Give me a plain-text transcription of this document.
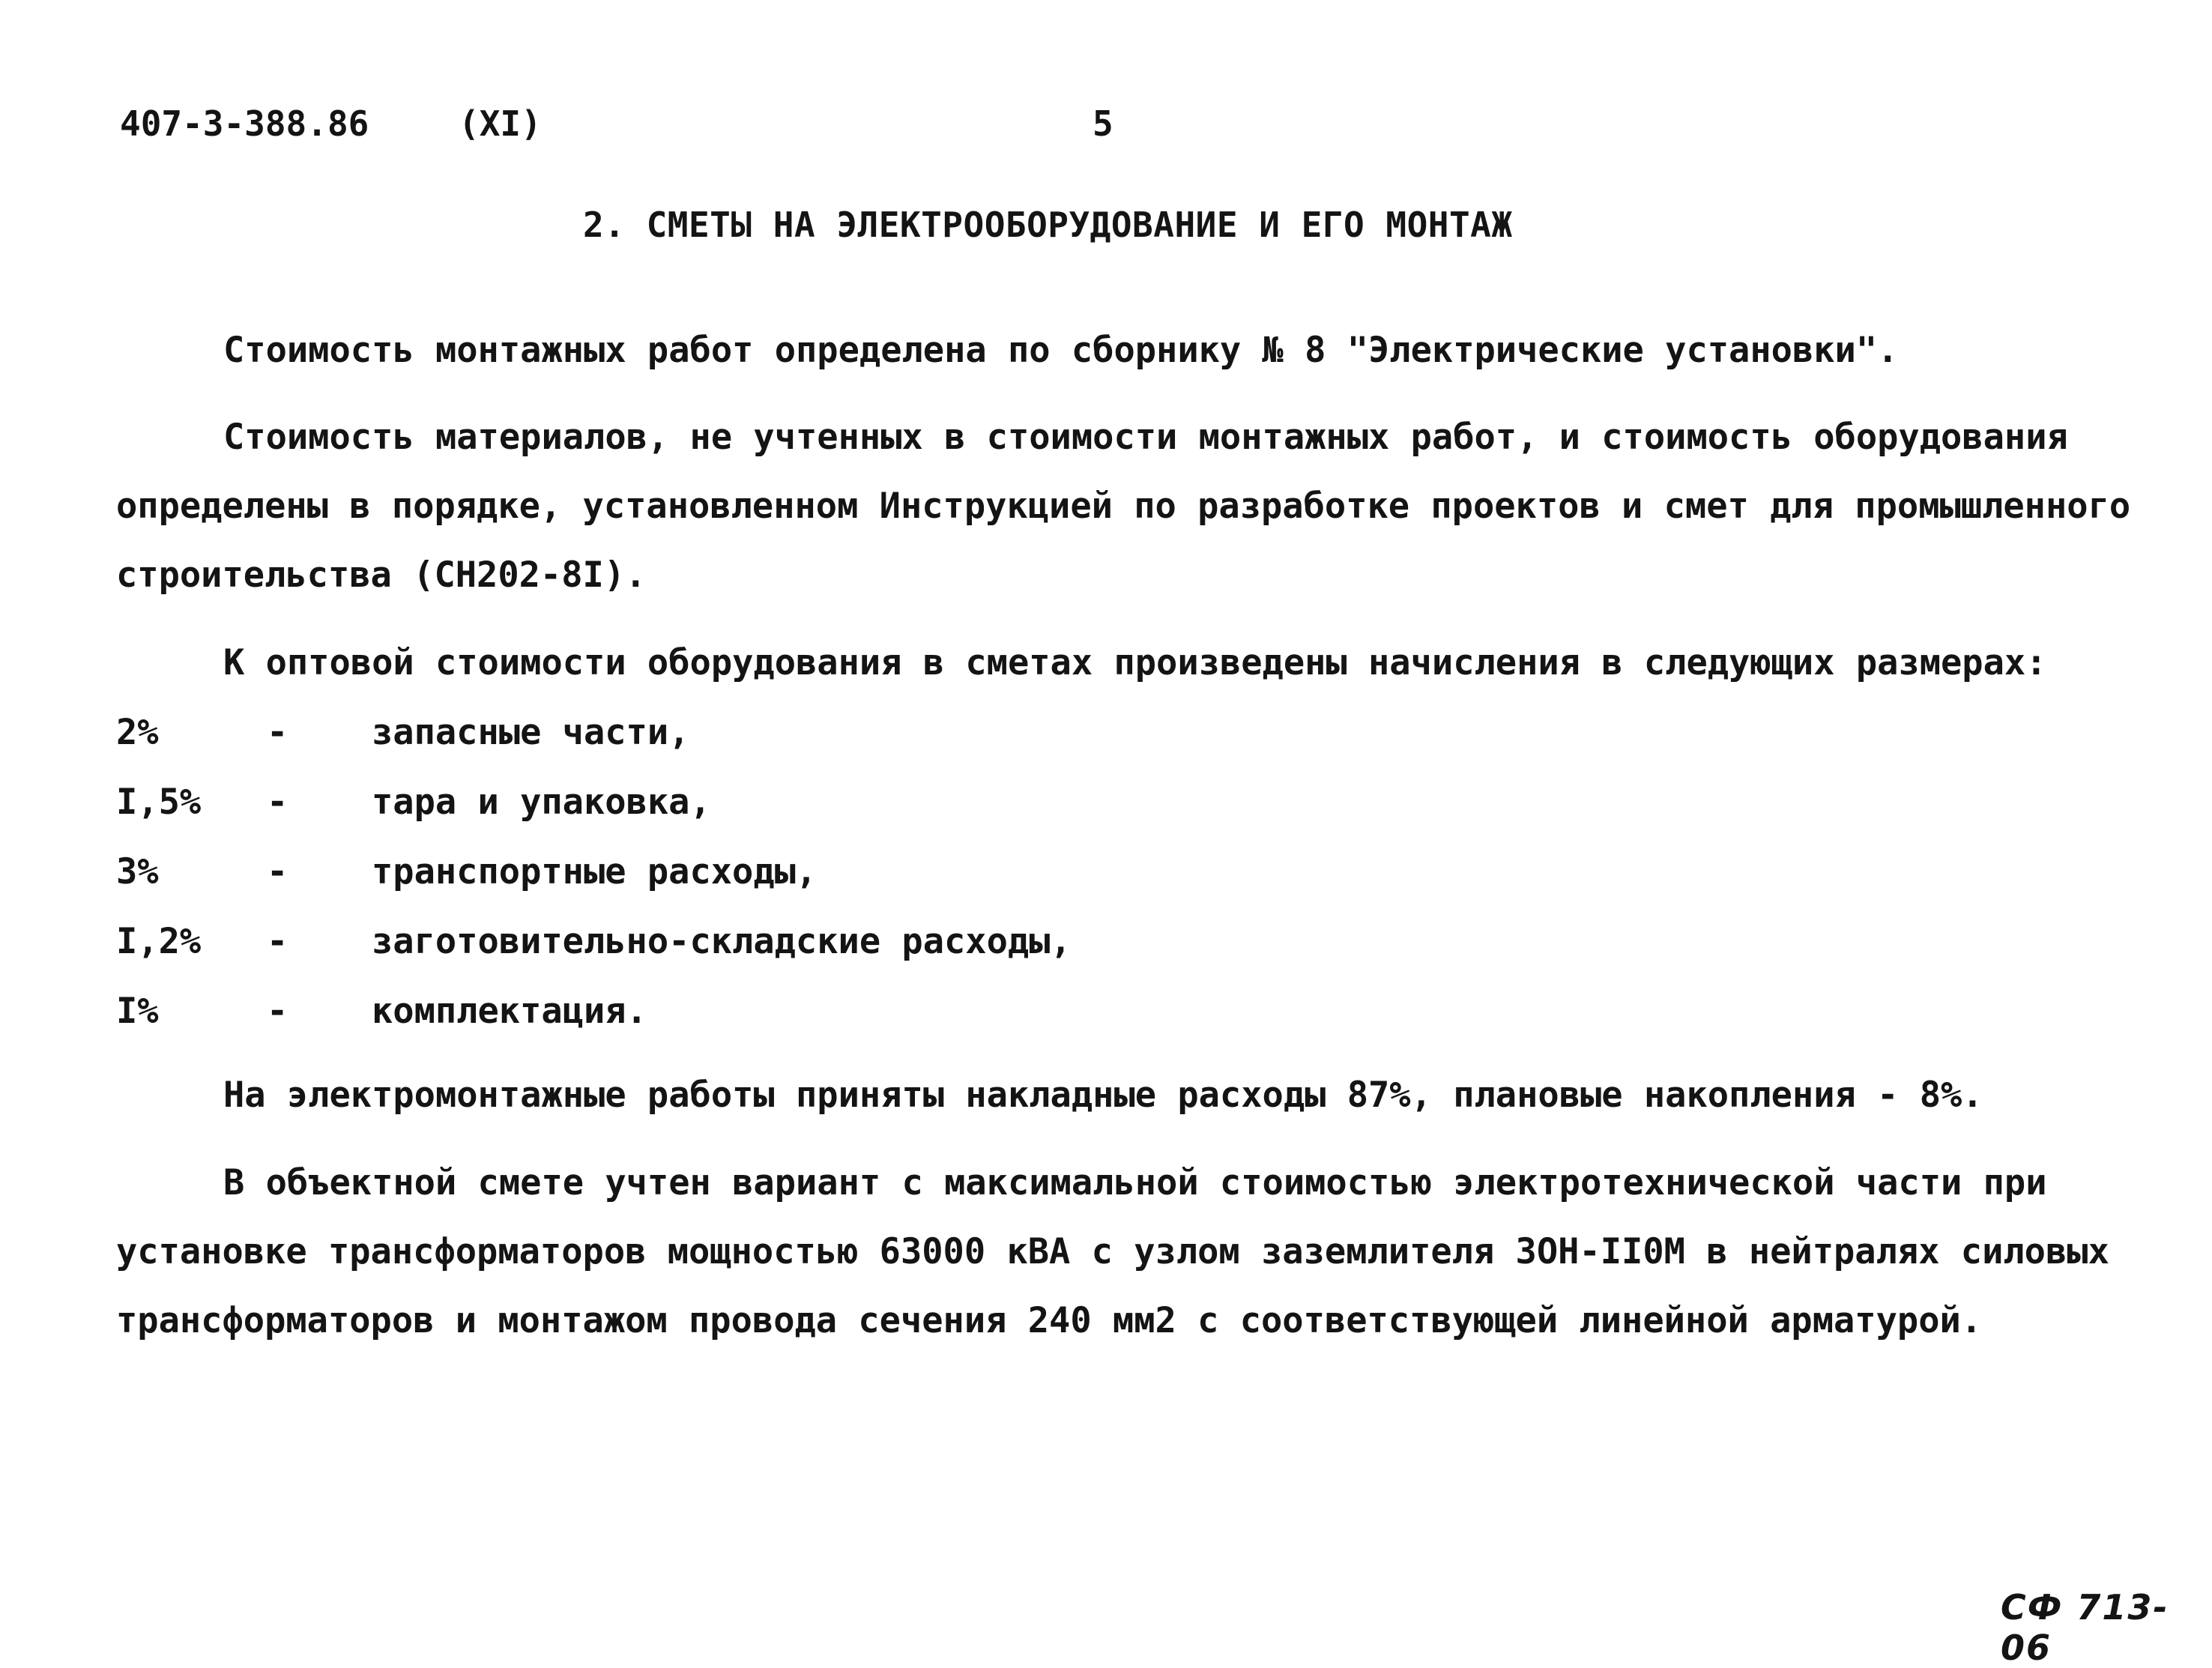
407-3-388.86	(XI)	5
2. СМЕТЫ НА ЭЛЕКТРООБОРУДОВАНИЕ И ЕГО МОНТАЖ
Стоимость монтажных работ определена по сборнику № 8 "Электрические установки".
Стоимость материалов, не учтенных в стоимости монтажных работ, и стоимость оборудования
определены в порядке, установленном Инструкцией по разработке проектов и смет для промышленного
строительства (СН202-8I).
К оптовой стоимости оборудования в сметах произведены начисления в следующих размерах:
2%	- запасные части,
I,5% - тара и упаковка,
3%	- транспортные расходы,
I,2% - заготовительно-складские расходы,
I%	- комплектация.
На электромонтажные работы приняты накладные расходы 87%, плановые накопления - 8%.
В объектной смете учтен вариант с максимальной стоимостью электротехнической части при
установке трансформаторов мощностью 63000 кВА с узлом заземлителя ЗОН-II0М в нейтралях силовых
трансформаторов и монтажом провода сечения 240 мм2 с соответствующей линейной арматурой.
СФ 713-06
